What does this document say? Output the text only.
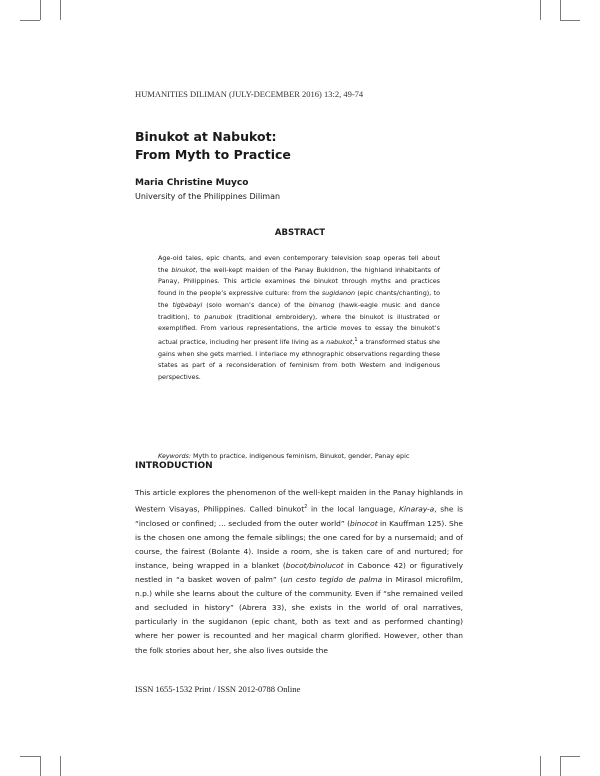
HUMANITIES DILIMAN (JULY-DECEMBER 2016) 13:2, 49-74
Binukot at Nabukot:
From Myth to Practice
Maria Christine Muyco
University of the Philippines Diliman
ABSTRACT

Age-old tales, epic chants, and even contemporary television soap operas tell about the binukot, the well-kept maiden of the Panay Bukidnon, the highland inhabitants of Panay, Philippines. This article examines the binukot through myths and practices found in the people’s expressive culture: from the sugidanon (epic chants/chanting), to the tigbabayi (solo woman’s dance) of the binanog (hawk-eagle music and dance tradition), to panubok (traditional embroidery), where the binukot is illustrated or exemplified. From various representations, the article moves to essay the binukot’s actual practice, including her present life living as a nabukot,$^1$ a transformed status she gains when she gets married. I interlace my ethnographic observations regarding these states as part of a reconsideration of feminism from both Western and indigenous perspectives.

Keywords: Myth to practice, indigenous feminism, Binukot, gender, Panay epic

INTRODUCTION

This article explores the phenomenon of the well-kept maiden in the Panay highlands in Western Visayas, Philippines. Called binukot$^2$ in the local language, Kinaray-a, she is “inclosed or confined; ... secluded from the outer world” (binocot in Kauffman 125). She is the chosen one among the female siblings; the one cared for by a nursemaid; and of course, the fairest (Bolante 4). Inside a room, she is taken care of and nurtured; for instance, being wrapped in a blanket (bocot/binolucot in Cabonce 42) or figuratively nestled in “a basket woven of palm” (un cesto tegido de palma in Mirasol microfilm, n.p.) while she learns about the culture of the community. Even if “she remained veiled and secluded in history” (Abrera 33), she exists in the world of oral narratives, particularly in the sugidanon (epic chant, both as text and as performed chanting) where her power is recounted and her magical charm glorified. However, other than the folk stories about her, she also lives outside the

ISSN 1655-1532 Print / ISSN 2012-0788 Online
